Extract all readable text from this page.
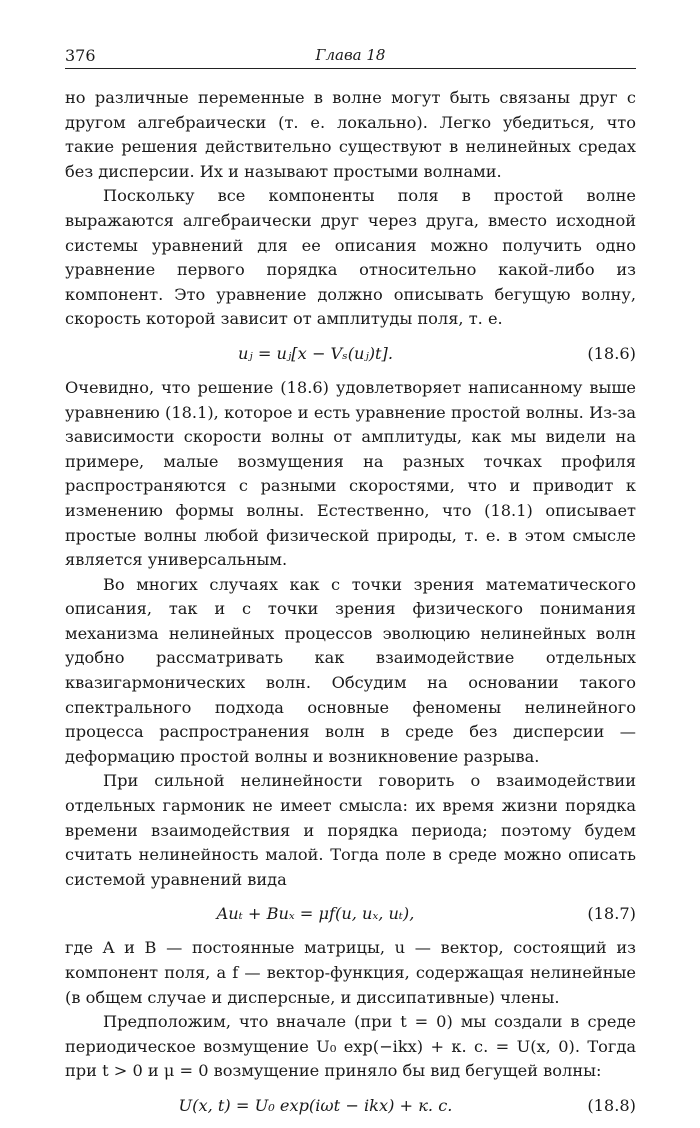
376	Глава 18

но различные переменные в волне могут быть связаны друг с другом алгебраически (т. е. локально). Легко убедиться, что такие решения действительно существуют в нелинейных средах без дисперсии. Их и называют простыми волнами.

Поскольку все компоненты поля в простой волне выражаются алгебраически друг через друга, вместо исходной системы уравнений для ее описания можно получить одно уравнение первого порядка относительно какой-либо из компонент. Это уравнение должно описывать бегущую волну, скорость которой зависит от амплитуды поля, т. е.

uⱼ = uⱼ[x − Vₛ(uⱼ)t].	(18.6)

Очевидно, что решение (18.6) удовлетворяет написанному выше уравнению (18.1), которое и есть уравнение простой волны. Из-за зависимости скорости волны от амплитуды, как мы видели на примере, малые возмущения на разных точках профиля распространяются с разными скоростями, что и приводит к изменению формы волны. Естественно, что (18.1) описывает простые волны любой физической природы, т. е. в этом смысле является универсальным.

Во многих случаях как с точки зрения математического описания, так и с точки зрения физического понимания механизма нелинейных процессов эволюцию нелинейных волн удобно рассматривать как взаимодействие отдельных квазигармонических волн. Обсудим на основании такого спектрального подхода основные феномены нелинейного процесса распространения волн в среде без дисперсии — деформацию простой волны и возникновение разрыва.

При сильной нелинейности говорить о взаимодействии отдельных гармоник не имеет смысла: их время жизни порядка времени взаимодействия и порядка периода; поэтому будем считать нелинейность малой. Тогда поле в среде можно описать системой уравнений вида

Auₜ + Buₓ = μf(u, uₓ, uₜ),	(18.7)

где A и B — постоянные матрицы, u — вектор, состоящий из компонент поля, а f — вектор-функция, содержащая нелинейные (в общем случае и дисперсные, и диссипативные) члены.

Предположим, что вначале (при t = 0) мы создали в среде периодическое возмущение U₀ exp(−ikx) + к. с. = U(x, 0). Тогда при t > 0 и μ = 0 возмущение приняло бы вид бегущей волны:

U(x, t) = U₀ exp(iωt − ikx) + к. с.	(18.8)
